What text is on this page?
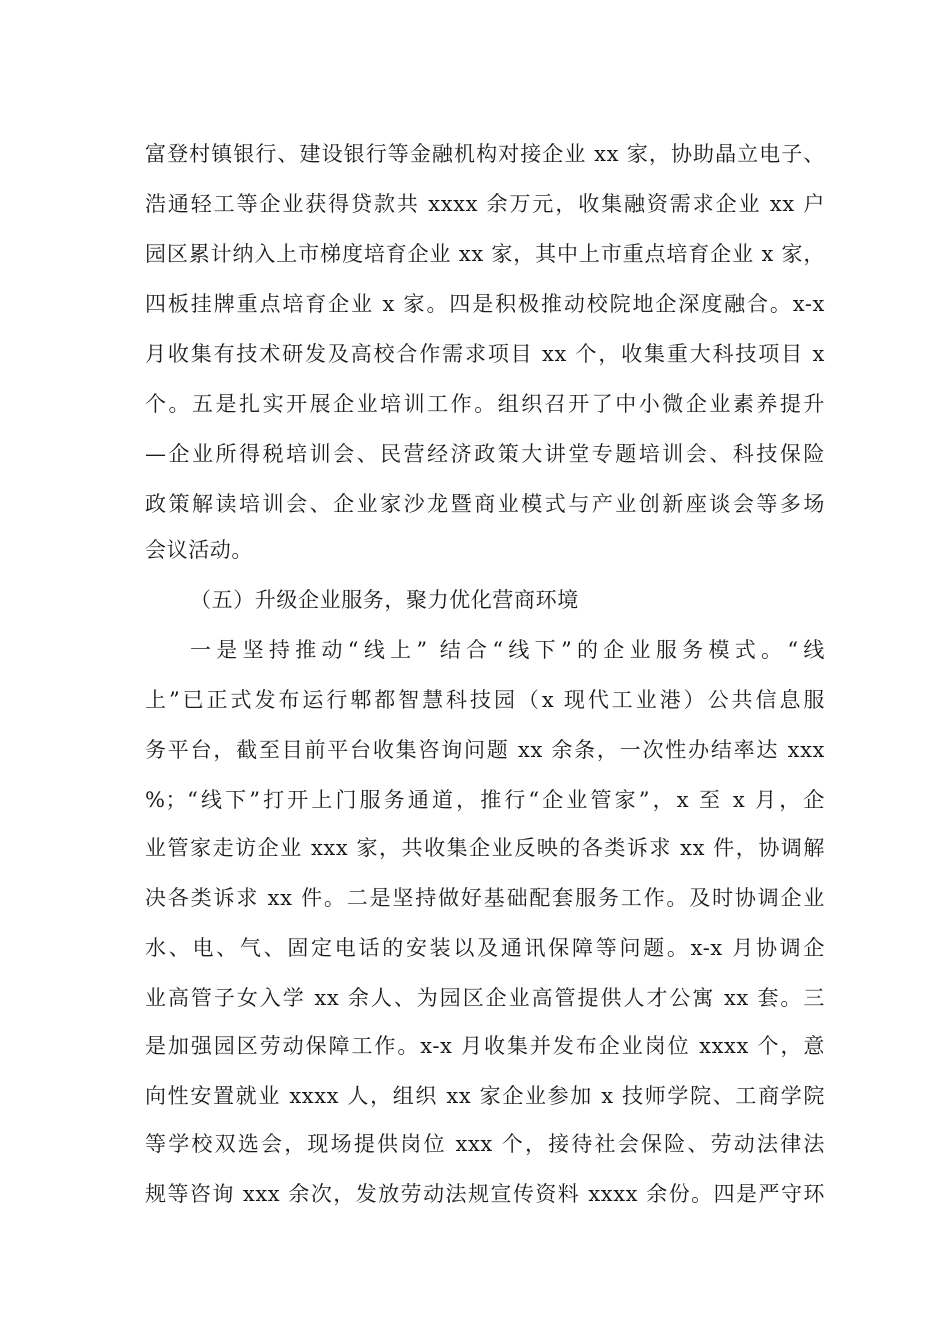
富登村镇银行、建设银行等金融机构对接企业 xx 家，协助晶立电子、
浩通轻工等企业获得贷款共 xxxx 余万元，收集融资需求企业 xx 户
园区累计纳入上市梯度培育企业 xx 家，其中上市重点培育企业 x 家，
四板挂牌重点培育企业 x 家。四是积极推动校院地企深度融合。x-x
月收集有技术研发及高校合作需求项目 xx 个，收集重大科技项目 x
个。五是扎实开展企业培训工作。组织召开了中小微企业素养提升
—企业所得税培训会、民营经济政策大讲堂专题培训会、科技保险
政策解读培训会、企业家沙龙暨商业模式与产业创新座谈会等多场
会议活动。
（五）升级企业服务，聚力优化营商环境
一是坚持推动“线上” 结合“线下”的企业服务模式。“线
上”已正式发布运行郫都智慧科技园（x 现代工业港）公共信息服
务平台，截至目前平台收集咨询问题 xx 余条，一次性办结率达 xxx
%；“线下”打开上门服务通道，推行“企业管家”，x 至 x 月，企
业管家走访企业 xxx 家，共收集企业反映的各类诉求 xx 件，协调解
决各类诉求 xx 件。二是坚持做好基础配套服务工作。及时协调企业
水、电、气、固定电话的安装以及通讯保障等问题。x-x 月协调企
业高管子女入学 xx 余人、为园区企业高管提供人才公寓 xx 套。三
是加强园区劳动保障工作。x-x 月收集并发布企业岗位 xxxx 个，意
向性安置就业 xxxx 人，组织 xx 家企业参加 x 技师学院、工商学院
等学校双选会，现场提供岗位 xxx 个，接待社会保险、劳动法律法
规等咨询 xxx 余次，发放劳动法规宣传资料 xxxx 余份。四是严守环
